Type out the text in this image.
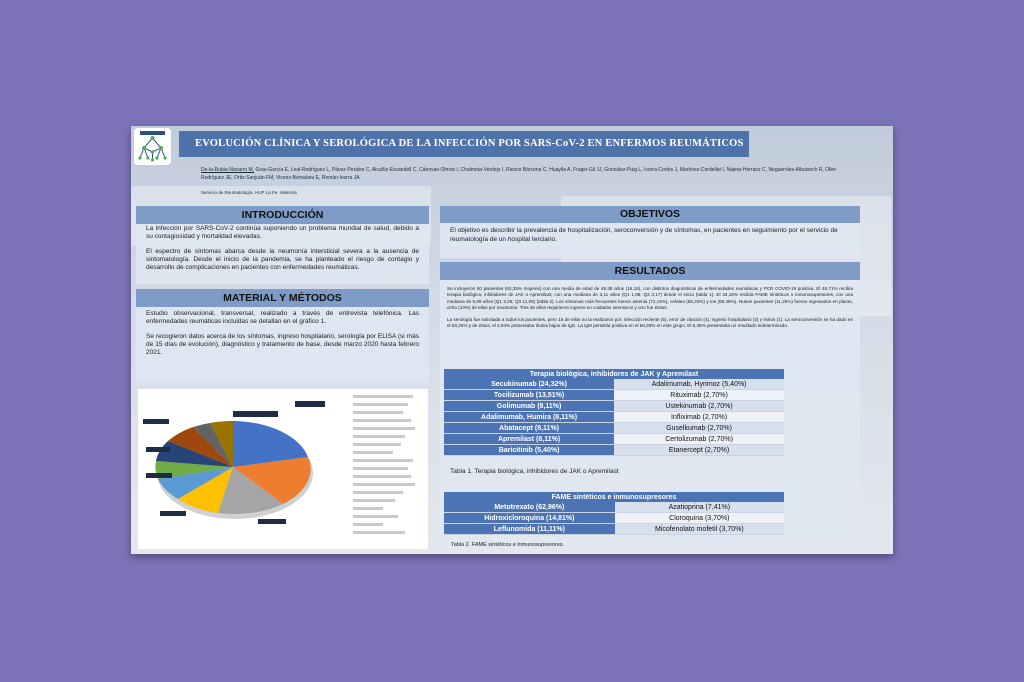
EVOLUCIÓN CLÍNICA Y SEROLÓGICA DE LA INFECCIÓN POR SARS-CoV-2 EN ENFERMOS REUMÁTICOS
De-la-Rubia-Navarro M, Grau-García E, Leal-Rodríguez L, Pávez-Perales C, Alcañiz-Escandell C, Cánovas-Olmos I, Chalmeta-Verdejo I, Riesco Bárcena C, Huaylla A, Fragio-Gil JJ, González-Puig L, Ivorra-Cortés J, Martínez-Cordellat I, Nájera-Herranz C, Negueroles-Albuixech R, Oller-Rodríguez JE, Ortiz-Sanjuán FM, Vicens-Bernabeu E, Román-Ivorra JA
Servicio de Reumatología. HUP La Fe. Valencia
INTRODUCCIÓN

La infección por SARS-CoV-2 continúa suponiendo un problema mundial de salud, debido a su contagiosidad y mortalidad elevadas.

El espectro de síntomas abarca desde la neumonía intersticial severa a la ausencia de sintomatología. Desde el inicio de la pandemia, se ha planteado el riesgo de contagio y desarrollo de complicaciones en pacientes con enfermedades reumáticas.

MATERIAL Y MÉTODOS

Estudio observacional, transversal, realizado a través de entrevista telefónica. Las enfermedades reumáticas incluidas se detallan en el gráfico 1.

Se recogieron datos acerca de los síntomas, ingreso hospitalario, serología por ELISA (si más de 15 días de evolución), diagnóstico y tratamiento de base, desde marzo 2020 hasta febrero 2021.

OBJETIVOS
El objetivo es describir la prevalencia de hospitalización, seroconversión y de síntomas, en pacientes en seguimiento por el servicio de reumatología de un hospital terciario.
RESULTADOS

Se incluyeron 80 pacientes (62,35% mujeres) con una media de edad de 49,38 años (16,16), con distintos diagnósticos de enfermedades reumáticas y PCR COVID-19 positiva. El 48,71% recibía terapia biológica, inhibidores de JAK o Apremilast, con una mediana de 3,11 años (Q1 1,08; Q3 3,17) desde el inicio (tabla 1). El 34,18% recibía FAME sintéticos o inmunosupresores, con una mediana de 5,09 años (Q1 2,25; Q3 11,09) (tabla 2). Los síntomas más frecuentes fueron astenia (72,15%), cefalea (66,23%) y tos (59,49%). Nueve pacientes (11,25%) fueron ingresados en planta, ocho (10%) de ellos por neumonía. Tres de ellos requirieron ingreso en cuidados intensivos y uno fue éxitus.

La serología fue solicitada a todos los pacientes, pero 15 de ellos no la realizaron por: infección reciente (5), error de citación (4), ingreso hospitalario (2) y éxitus (1). La seroconversión se ha dado en el 53,25% y de éstos, el 2,94% presentaba títulos bajos de IgG. La IgM persistía positiva en el 56,25% en este grupo. El 6,45% presentaba un resultado indeterminado.

Terapia biológica, inhibidores de JAK y Apremilast	
Secukinumab (24,32%)	Adalimumab, Hyrimoz (5,40%)
Tocilizumab (13,51%)	Rituximab (2,70%)
Golimumab (8,11%)	Ustekinumab (2,70%)
Adalimumab, Humira (8,11%)	Infliximab (2,70%)
Abatacept (8,11%)	Guselkumab (2,70%)
Apremilast (8,11%)	Certolizumab (2,70%)
Baricitinib (5,40%)	Etanercept (2,70%)
Tabla 1. Terapia biológica, inhibidores de JAK o Apremilast
FAME sintéticos e inmunosupresores	
Metotrexato (62,96%)	Azatioprina (7,41%)
Hidroxicloroquina (14,81%)	Cloroquina (3,70%)
Leflunomida (11,11%)	Micofenolato mofetil (3,70%)
Tabla 2. FAME sintéticos e inmunosupresores.
